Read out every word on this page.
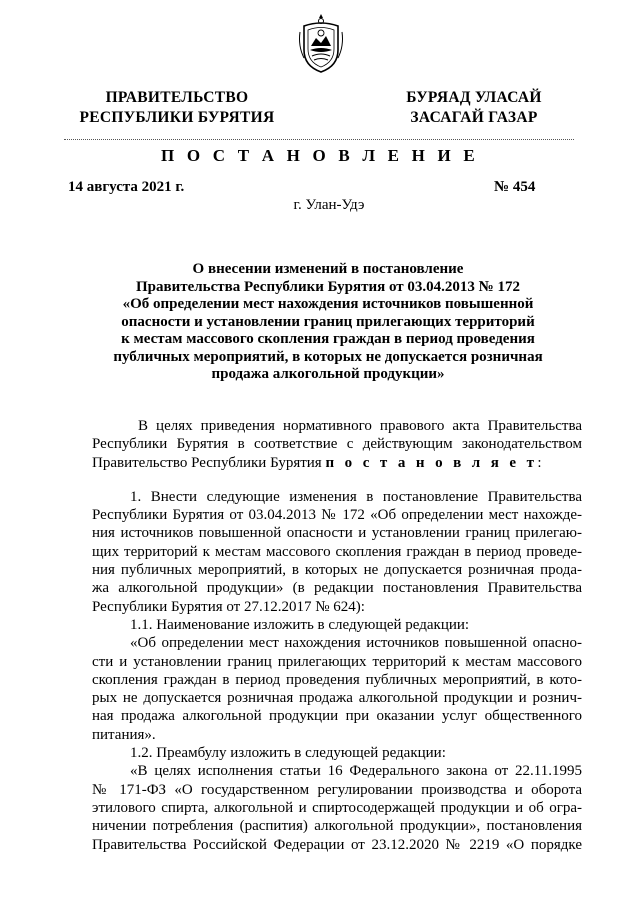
ПРАВИТЕЛЬСТВО
РЕСПУБЛИКИ БУРЯТИЯ
БУРЯАД УЛАСАЙ
ЗАСАГАЙ ГАЗАР
П О С Т А Н О В Л Е Н И Е
14 августа 2021 г.	№ 454
г. Улан-Удэ
О внесении изменений в постановление
Правительства Республики Бурятия от 03.04.2013 № 172
«Об определении мест нахождения источников повышенной
опасности и установлении границ прилегающих территорий
к местам массового скопления граждан в период проведения
публичных мероприятий, в которых не допускается розничная
продажа алкогольной продукции»
В целях приведения нормативного правового акта Правительства
Республики Бурятия в соответствие с действующим законодательством
Правительство Республики Бурятия п о с т а н о в л я е т:
1. Внести следующие изменения в постановление Правительства
Республики Бурятия от 03.04.2013 № 172 «Об определении мест нахожде-
ния источников повышенной опасности и установлении границ прилегаю-
щих территорий к местам массового скопления граждан в период проведе-
ния публичных мероприятий, в которых не допускается розничная прода-
жа алкогольной продукции» (в редакции постановления Правительства
Республики Бурятия от 27.12.2017 № 624):
1.1. Наименование изложить в следующей редакции:
«Об определении мест нахождения источников повышенной опасно-
сти и установлении границ прилегающих территорий к местам массового
скопления граждан в период проведения публичных мероприятий, в кото-
рых не допускается розничная продажа алкогольной продукции и рознич-
ная продажа алкогольной продукции при оказании услуг общественного
питания».
1.2. Преамбулу изложить в следующей редакции:
«В целях исполнения статьи 16 Федерального закона от 22.11.1995
№ 171-ФЗ «О государственном регулировании производства и оборота
этилового спирта, алкогольной и спиртосодержащей продукции и об огра-
ничении потребления (распития) алкогольной продукции», постановления
Правительства Российской Федерации от 23.12.2020 № 2219 «О порядке
